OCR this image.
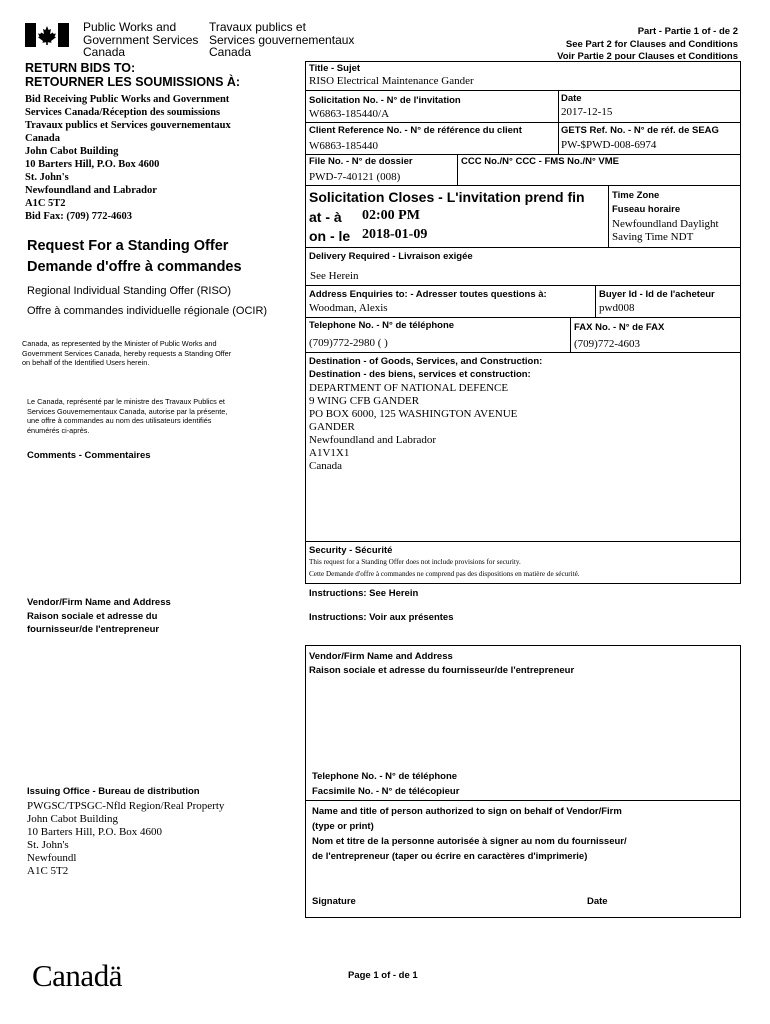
Public Works and
Government Services
Canada
Travaux publics et
Services gouvernementaux
Canada
Part - Partie 1 of - de 2
See Part 2 for Clauses and Conditions
Voir Partie 2 pour Clauses et Conditions
RETURN BIDS TO:
RETOURNER LES SOUMISSIONS À:
Bid Receiving Public Works and Government
Services Canada/Réception des soumissions
Travaux publics et Services gouvernementaux
Canada
John Cabot Building
10 Barters Hill, P.O. Box 4600
St. John's
Newfoundland and Labrador
A1C 5T2
Bid Fax: (709) 772-4603
Request For a Standing Offer
Demande d'offre à commandes
Regional Individual Standing Offer (RISO)
Offre à commandes individuelle régionale (OCIR)
Canada, as represented by the Minister of Public Works and
Government Services Canada, hereby requests a Standing Offer
on behalf of the Identified Users herein.
Le Canada, représenté par le ministre des Travaux Publics et
Services Gouvernementaux Canada, autorise par la présente,
une offre à commandes au nom des utilisateurs identifiés
énumérés ci-après.
Comments - Commentaires
Vendor/Firm Name and Address
Raison sociale et adresse du
fournisseur/de l'entrepreneur
Issuing Office - Bureau de distribution
PWGSC/TPSGC-Nfld Region/Real Property
John Cabot Building
10 Barters Hill, P.O. Box 4600
St. John's
Newfoundl
A1C 5T2
Title - Sujet
RISO Electrical Maintenance Gander
Solicitation No. - N° de l'invitation
W6863-185440/A
Date
2017-12-15
Client Reference No. - N° de référence du client
W6863-185440
GETS Ref. No. - N° de réf. de SEAG
PW-$PWD-008-6974
File No. - N° de dossier
PWD-7-40121 (008)
CCC No./N° CCC - FMS No./N° VME
Solicitation Closes - L'invitation prend fin
at - à 02:00 PM
on - le 2018-01-09
Time Zone
Fuseau horaire
Newfoundland Daylight
Saving Time NDT
Delivery Required - Livraison exigée
See Herein
Address Enquiries to: - Adresser toutes questions à:
Woodman, Alexis
Buyer Id - Id de l'acheteur
pwd008
Telephone No. - N° de téléphone
(709)772-2980 ( )
FAX No. - N° de FAX
(709)772-4603
Destination - of Goods, Services, and Construction:
Destination - des biens, services et construction:
DEPARTMENT OF NATIONAL DEFENCE
9 WING CFB GANDER
PO BOX 6000, 125 WASHINGTON AVENUE
GANDER
Newfoundland and Labrador
A1V1X1
Canada
Security - Sécurité
This request for a Standing Offer does not include provisions for security.
Cette Demande d'offre à commandes ne comprend pas des dispositions en matière de sécurité.
Instructions: See Herein
Instructions: Voir aux présentes
Vendor/Firm Name and Address
Raison sociale et adresse du fournisseur/de l'entrepreneur
Telephone No. - N° de téléphone
Facsimile No. - N° de télécopieur
Name and title of person authorized to sign on behalf of Vendor/Firm
(type or print)
Nom et titre de la personne autorisée à signer au nom du fournisseur/
de l'entrepreneur (taper ou écrire en caractères d'imprimerie)
Signature	Date
Canadä	Page 1 of - de 1
